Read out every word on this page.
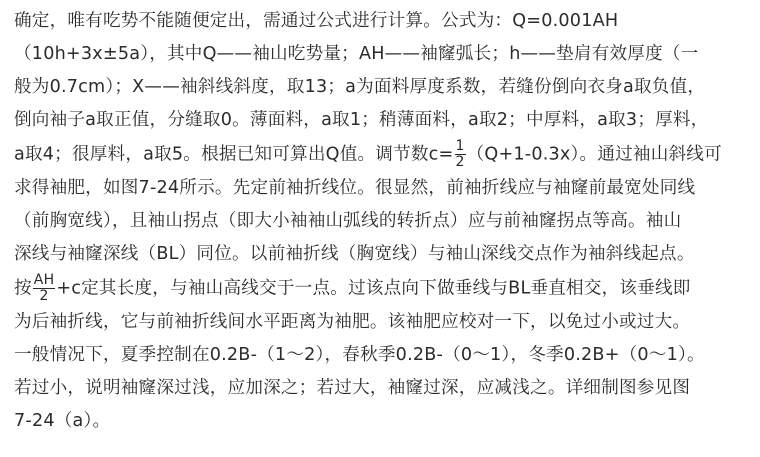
确定，唯有吃势不能随便定出，需通过公式进行计算。公式为：Q=0.001AH
（10h+3x±5a），其中Q——袖山吃势量；AH——袖窿弧长；h——垫肩有效厚度（一
般为0.7cm）；X——袖斜线斜度，取13；a为面料厚度系数，若缝份倒向衣身a取负值，
倒向袖子a取正值，分缝取0。薄面料，a取1；稍薄面料，a取2；中厚料，a取3；厚料，
a取4；很厚料，a取5。根据已知可算出Q值。调节数$c= \frac{1}{2} (Q+1-0.3x)$。通过袖山斜线可
求得袖肥，如图7-24所示。先定前袖折线位。很显然，前袖折线应与袖窿前最宽处同线
（前胸宽线），且袖山拐点（即大小袖袖山弧线的转折点）应与前袖窿拐点等高。袖山
深线与袖窿深线（BL）同位。以前袖折线（胸宽线）与袖山深线交点作为袖斜线起点。
按 $\frac{AH}{2} +c$定其长度，与袖山高线交于一点。过该点向下做垂线与BL垂直相交，该垂线即
为后袖折线，它与前袖折线间水平距离为袖肥。该袖肥应校对一下，以免过小或过大。
一般情况下，夏季控制在0.2B-（1～2），春秋季0.2B-（0～1），冬季0.2B+（0～1）。
若过小，说明袖窿深过浅，应加深之；若过大，袖窿过深，应减浅之。详细制图参见图
7-24（a）。
